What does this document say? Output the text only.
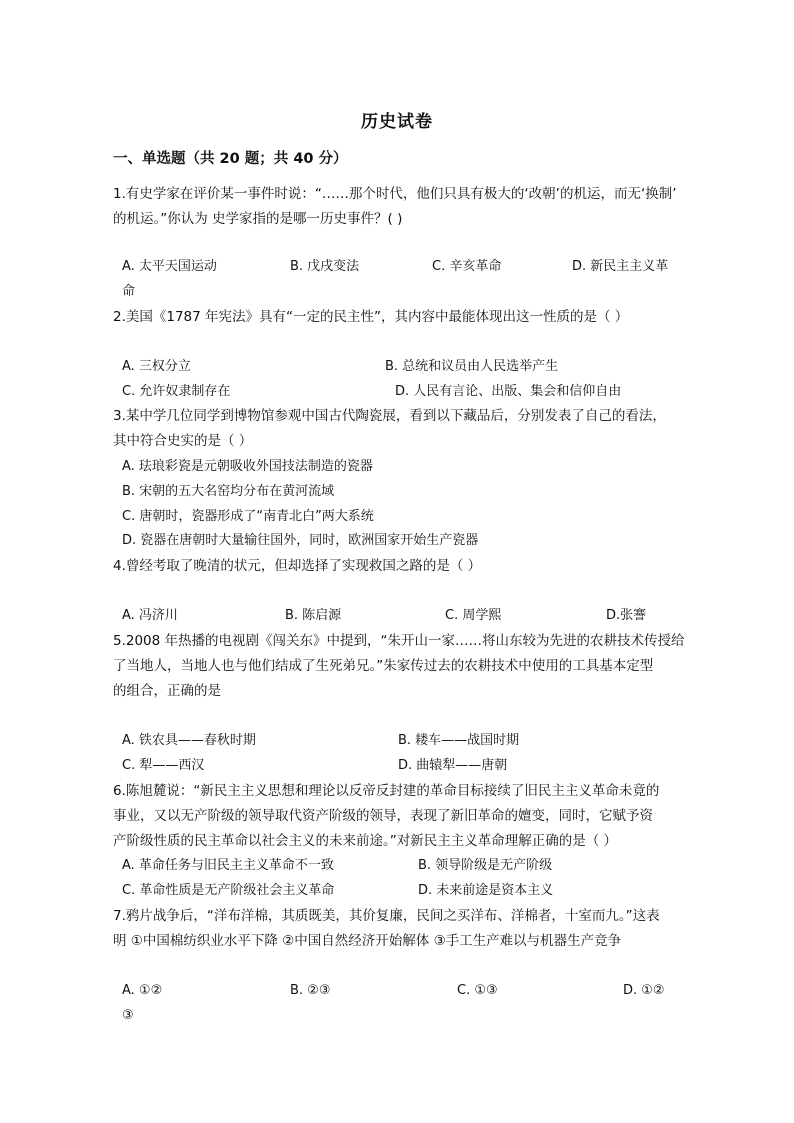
历史试卷
一、单选题（共 20 题；共 40 分）
1.有史学家在评价某一事件时说：“……那个时代，他们只具有极大的‘改朝’的机运，而无‘换制’
的机运。”你认为 史学家指的是哪一历史事件？( )
A. 太平天国运动	B. 戊戌变法	C. 辛亥革命	D. 新民主主义革
命
2.美国《1787 年宪法》具有“一定的民主性”，其内容中最能体现出这一性质的是（ ）
A. 三权分立	B. 总统和议员由人民选举产生
C. 允许奴隶制存在	D. 人民有言论、出版、集会和信仰自由
3.某中学几位同学到博物馆参观中国古代陶瓷展，看到以下藏品后，分别发表了自己的看法，
其中符合史实的是（ ）
A. 珐琅彩瓷是元朝吸收外国技法制造的瓷器
B. 宋朝的五大名窑均分布在黄河流域
C. 唐朝时，瓷器形成了“南青北白”两大系统
D. 瓷器在唐朝时大量输往国外，同时，欧洲国家开始生产瓷器
4.曾经考取了晚清的状元，但却选择了实现救国之路的是（ ）
A. 冯济川	B. 陈启源	C. 周学熙	D.张謇
5.2008 年热播的电视剧《闯关东》中提到，“朱开山一家……将山东较为先进的农耕技术传授给
了当地人，当地人也与他们结成了生死弟兄。”朱家传过去的农耕技术中使用的工具基本定型
的组合，正确的是
A. 铁农具——春秋时期	B. 耧车——战国时期
C. 犁——西汉	D. 曲辕犁——唐朝
6.陈旭麓说：“新民主主义思想和理论以反帝反封建的革命目标接续了旧民主主义革命未竟的
事业，又以无产阶级的领导取代资产阶级的领导，表现了新旧革命的嬗变，同时，它赋予资
产阶级性质的民主革命以社会主义的未来前途。”对新民主主义革命理解正确的是（ ）
A. 革命任务与旧民主主义革命不一致	B. 领导阶级是无产阶级
C. 革命性质是无产阶级社会主义革命	D. 未来前途是资本主义
7.鸦片战争后，“洋布洋棉，其质既美，其价复廉，民间之买洋布、洋棉者，十室而九。”这表
明 ①中国棉纺织业水平下降 ②中国自然经济开始解体 ③手工生产难以与机器生产竞争
A. ①②	B. ②③	C. ①③	D. ①②
③
